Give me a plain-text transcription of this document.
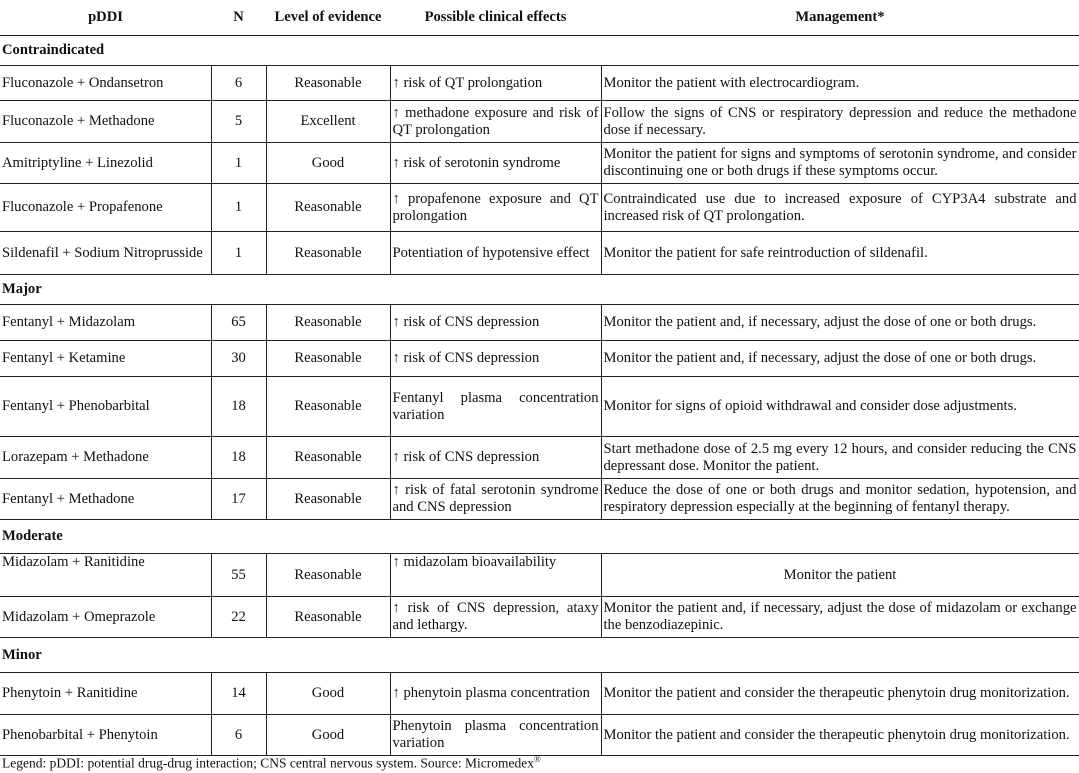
pDDI	N	Level of evidence	Possible clinical effects	Management*
Contraindicated				
Fluconazole + Ondansetron	6	Reasonable	↑ risk of QT prolongation	Monitor the patient with electrocardiogram.
Fluconazole + Methadone	5	Excellent	↑ methadone exposure and risk of QT prolongation	Follow the signs of CNS or respiratory depression and reduce the methadone dose if necessary.
Amitriptyline + Linezolid	1	Good	↑ risk of serotonin syndrome	Monitor the patient for signs and symptoms of serotonin syndrome, and consider discontinuing one or both drugs if these symptoms occur.
Fluconazole + Propafenone	1	Reasonable	↑ propafenone exposure and QT prolongation	Contraindicated use due to increased exposure of CYP3A4 substrate and increased risk of QT prolongation.
Sildenafil + Sodium Nitroprusside	1	Reasonable	Potentiation of hypotensive effect	Monitor the patient for safe reintroduction of sildenafil.
Major				
Fentanyl + Midazolam	65	Reasonable	↑ risk of CNS depression	Monitor the patient and, if necessary, adjust the dose of one or both drugs.
Fentanyl + Ketamine	30	Reasonable	↑ risk of CNS depression	Monitor the patient and, if necessary, adjust the dose of one or both drugs.
Fentanyl + Phenobarbital	18	Reasonable	Fentanyl plasma concentration variation	Monitor for signs of opioid withdrawal and consider dose adjustments.
Lorazepam + Methadone	18	Reasonable	↑ risk of CNS depression	Start methadone dose of 2.5 mg every 12 hours, and consider reducing the CNS depressant dose. Monitor the patient.
Fentanyl + Methadone	17	Reasonable	↑ risk of fatal serotonin syndrome and CNS depression	Reduce the dose of one or both drugs and monitor sedation, hypotension, and respiratory depression especially at the beginning of fentanyl therapy.
Moderate				
Midazolam + Ranitidine	55	Reasonable	↑ midazolam bioavailability	Monitor the patient
Midazolam + Omeprazole	22	Reasonable	↑ risk of CNS depression, ataxy and lethargy.	Monitor the patient and, if necessary, adjust the dose of midazolam or exchange the benzodiazepinic.
Minor				
Phenytoin + Ranitidine	14	Good	↑ phenytoin plasma concentration	Monitor the patient and consider the therapeutic phenytoin drug monitorization.
Phenobarbital + Phenytoin	6	Good	Phenytoin plasma concentration variation	Monitor the patient and consider the therapeutic phenytoin drug monitorization.
Legend: pDDI: potential drug-drug interaction; CNS central nervous system. Source: Micromedex®
